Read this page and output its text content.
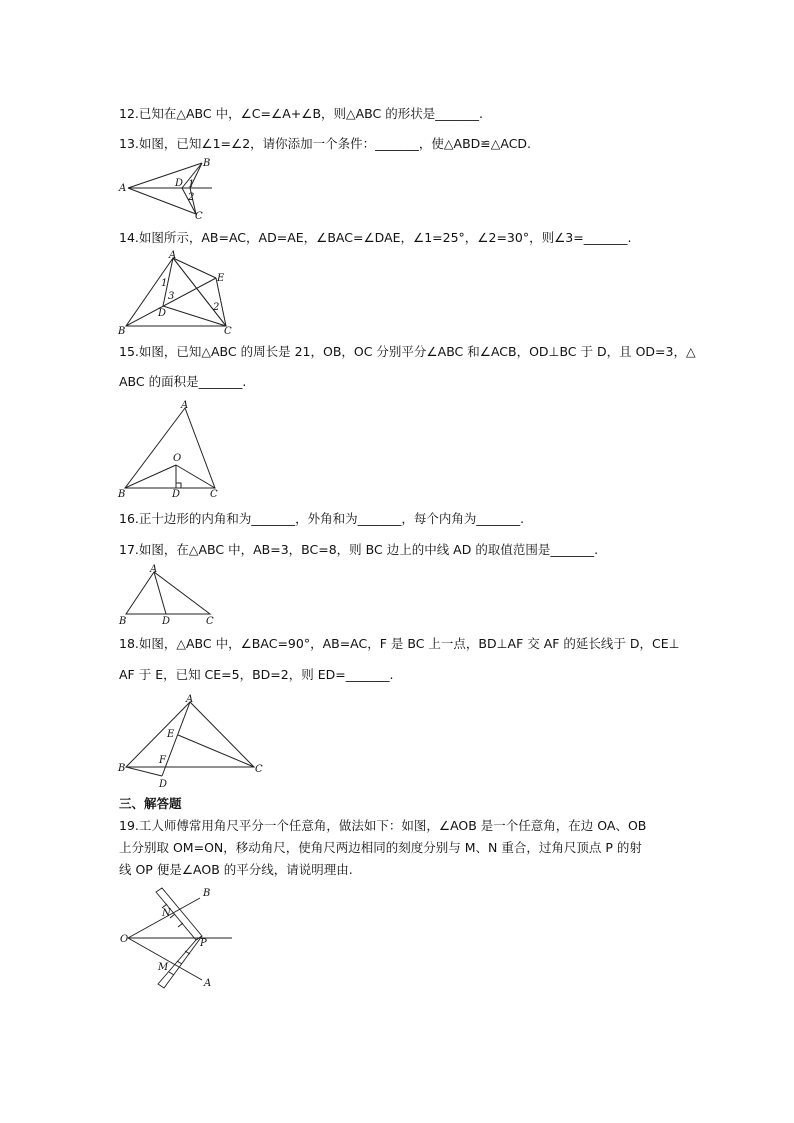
12.已知在△ABC 中，∠C=∠A+∠B，则△ABC 的形状是_______.
13.如图，已知∠1=∠2，请你添加一个条件：_______，使△ABD≌△ACD.
A
B
C
D 1
2
14.如图所示，AB=AC，AD=AE，∠BAC=∠DAE，∠1=25°，∠2=30°，则∠3=_______.
A
B	C
D
E
1
2
3
15.如图，已知△ABC 的周长是 21，OB，OC 分别平分∠ABC 和∠ACB，OD⊥BC 于 D，且 OD=3，△
ABC 的面积是_______.
A
B	C
D
O
16.正十边形的内角和为_______，外角和为_______，每个内角为_______.
17.如图，在△ABC 中，AB=3，BC=8，则 BC 边上的中线 AD 的取值范围是_______.
A
B	C
D
18.如图，△ABC 中，∠BAC=90°，AB=AC，F 是 BC 上一点，BD⊥AF 交 AF 的延长线于 D，CE⊥
AF 于 E，已知 CE=5，BD=2，则 ED=_______.
A
B	C
D
E
F
三、解答题
19.工人师傅常用角尺平分一个任意角，做法如下：如图，∠AOB 是一个任意角，在边 OA、OB
上分别取 OM=ON，移动角尺，使角尺两边相同的刻度分别与 M、N 重合，过角尺顶点 P 的射
线 OP 便是∠AOB 的平分线，请说明理由.
O
A
B
M
N
P
